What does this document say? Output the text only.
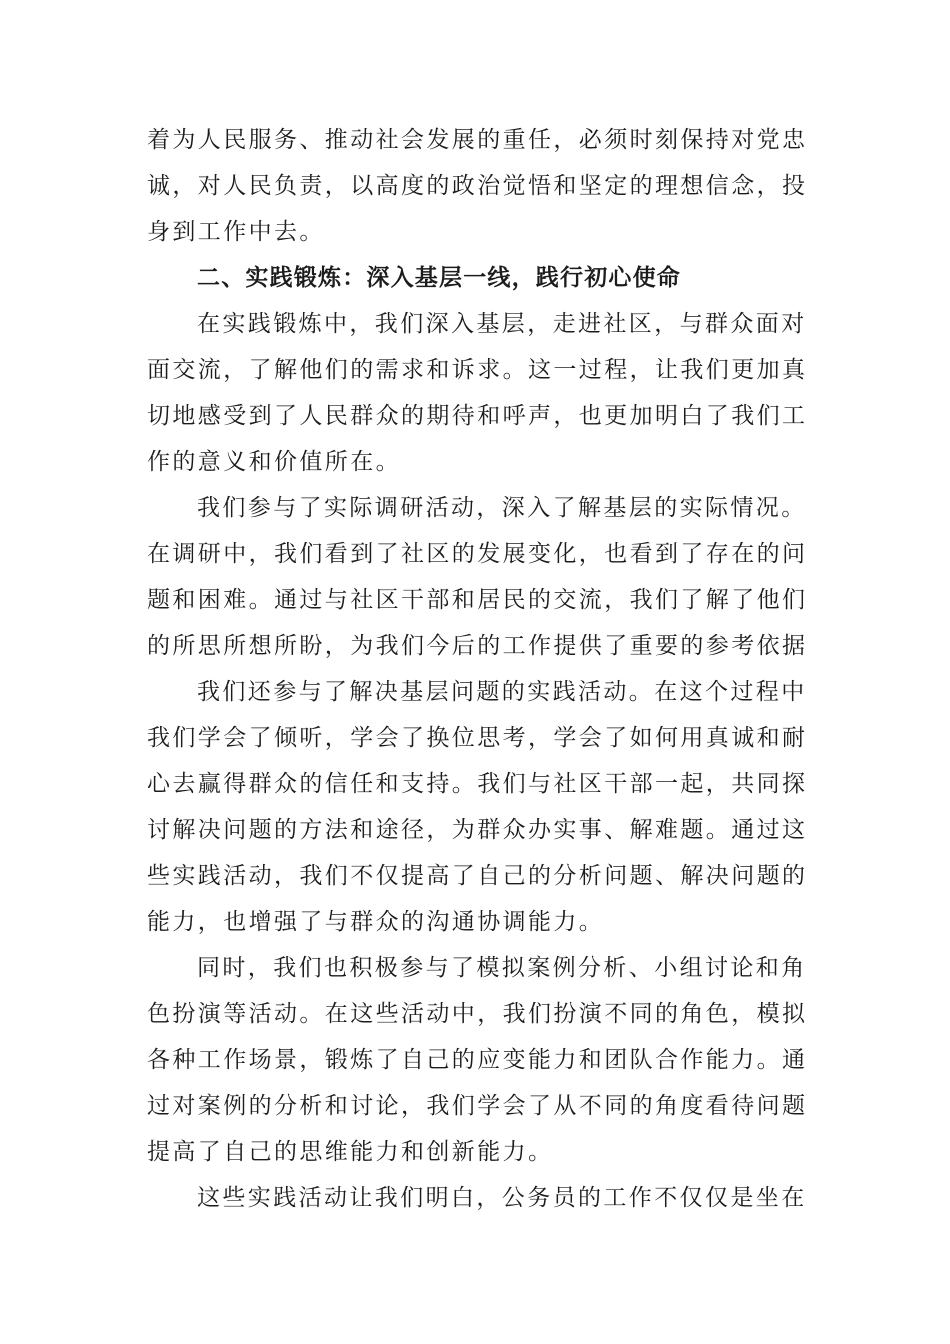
着为人民服务、推动社会发展的重任，必须时刻保持对党忠
诚，对人民负责，以高度的政治觉悟和坚定的理想信念，投
身到工作中去。
二、实践锻炼：深入基层一线，践行初心使命
在实践锻炼中，我们深入基层，走进社区，与群众面对
面交流，了解他们的需求和诉求。这一过程，让我们更加真
切地感受到了人民群众的期待和呼声，也更加明白了我们工
作的意义和价值所在。
我们参与了实际调研活动，深入了解基层的实际情况。
在调研中，我们看到了社区的发展变化，也看到了存在的问
题和困难。通过与社区干部和居民的交流，我们了解了他们
的所思所想所盼，为我们今后的工作提供了重要的参考依据
我们还参与了解决基层问题的实践活动。在这个过程中
我们学会了倾听，学会了换位思考，学会了如何用真诚和耐
心去赢得群众的信任和支持。我们与社区干部一起，共同探
讨解决问题的方法和途径，为群众办实事、解难题。通过这
些实践活动，我们不仅提高了自己的分析问题、解决问题的
能力，也增强了与群众的沟通协调能力。
同时，我们也积极参与了模拟案例分析、小组讨论和角
色扮演等活动。在这些活动中，我们扮演不同的角色，模拟
各种工作场景，锻炼了自己的应变能力和团队合作能力。通
过对案例的分析和讨论，我们学会了从不同的角度看待问题
提高了自己的思维能力和创新能力。
这些实践活动让我们明白，公务员的工作不仅仅是坐在
